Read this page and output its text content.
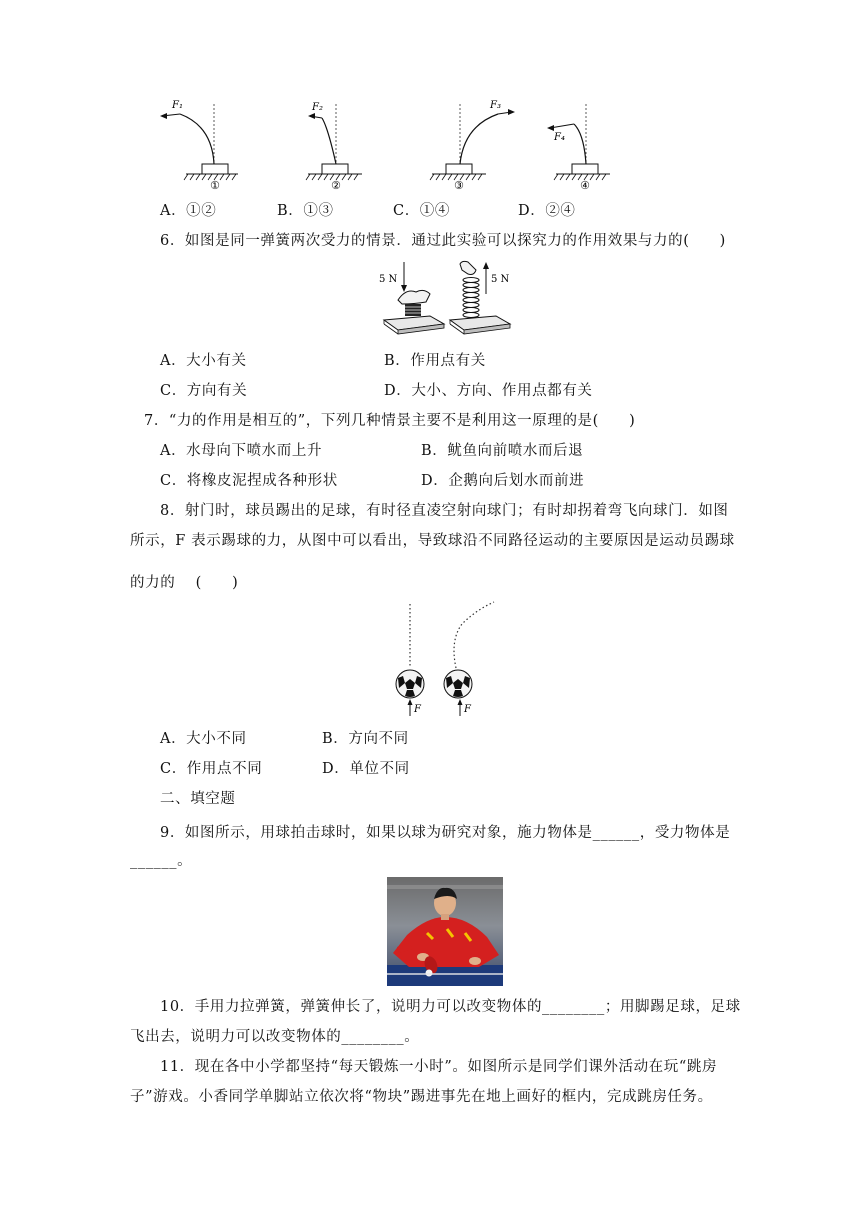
F₁
①
F₂
②
F₃
③
F₄
④
A．①②	B．①③	C．①④	D．②④
6．如图是同一弹簧两次受力的情景．通过此实验可以探究力的作用效果与力的(　　)
5 N	5 N
A．大小有关	B．作用点有关
C．方向有关	D．大小、方向、作用点都有关
7．“力的作用是相互的”，下列几种情景主要不是利用这一原理的是(　　)
A．水母向下喷水而上升	B．鱿鱼向前喷水而后退
C．将橡皮泥捏成各种形状	D．企鹅向后划水而前进
8．射门时，球员踢出的足球，有时径直凌空射向球门；有时却拐着弯飞向球门．如图
所示，F 表示踢球的力，从图中可以看出，导致球沿不同路径运动的主要原因是运动员踢球
的力的　 (　　)
F	F
A．大小不同	B．方向不同
C．作用点不同	D．单位不同
二、填空题
9．如图所示，用球拍击球时，如果以球为研究对象，施力物体是______，受力物体是
______。
10．手用力拉弹簧，弹簧伸长了，说明力可以改变物体的________；用脚踢足球，足球
飞出去，说明力可以改变物体的________。
11．现在各中小学都坚持“每天锻炼一小时”。如图所示是同学们课外活动在玩“跳房
子”游戏。小香同学单脚站立依次将“物块”踢进事先在地上画好的框内，完成跳房任务。
